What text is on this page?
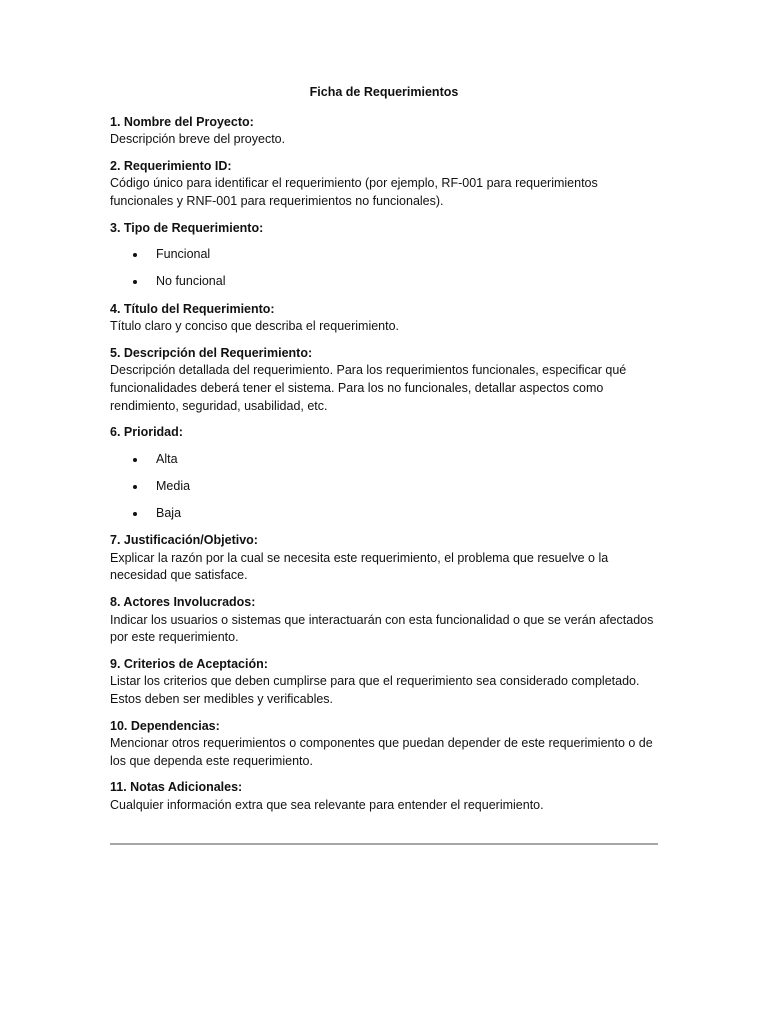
Ficha de Requerimientos

1. Nombre del Proyecto:

Descripción breve del proyecto.

2. Requerimiento ID:

Código único para identificar el requerimiento (por ejemplo, RF-001 para requerimientos funcionales y RNF-001 para requerimientos no funcionales).

3. Tipo de Requerimiento:

Funcional
No funcional

4. Título del Requerimiento:

Título claro y conciso que describa el requerimiento.

5. Descripción del Requerimiento:

Descripción detallada del requerimiento. Para los requerimientos funcionales, especificar qué funcionalidades deberá tener el sistema. Para los no funcionales, detallar aspectos como rendimiento, seguridad, usabilidad, etc.

6. Prioridad:

Alta
Media
Baja

7. Justificación/Objetivo:

Explicar la razón por la cual se necesita este requerimiento, el problema que resuelve o la necesidad que satisface.

8. Actores Involucrados:

Indicar los usuarios o sistemas que interactuarán con esta funcionalidad o que se verán afectados por este requerimiento.

9. Criterios de Aceptación:

Listar los criterios que deben cumplirse para que el requerimiento sea considerado completado. Estos deben ser medibles y verificables.

10. Dependencias:

Mencionar otros requerimientos o componentes que puedan depender de este requerimiento o de los que dependa este requerimiento.

11. Notas Adicionales:

Cualquier información extra que sea relevante para entender el requerimiento.
